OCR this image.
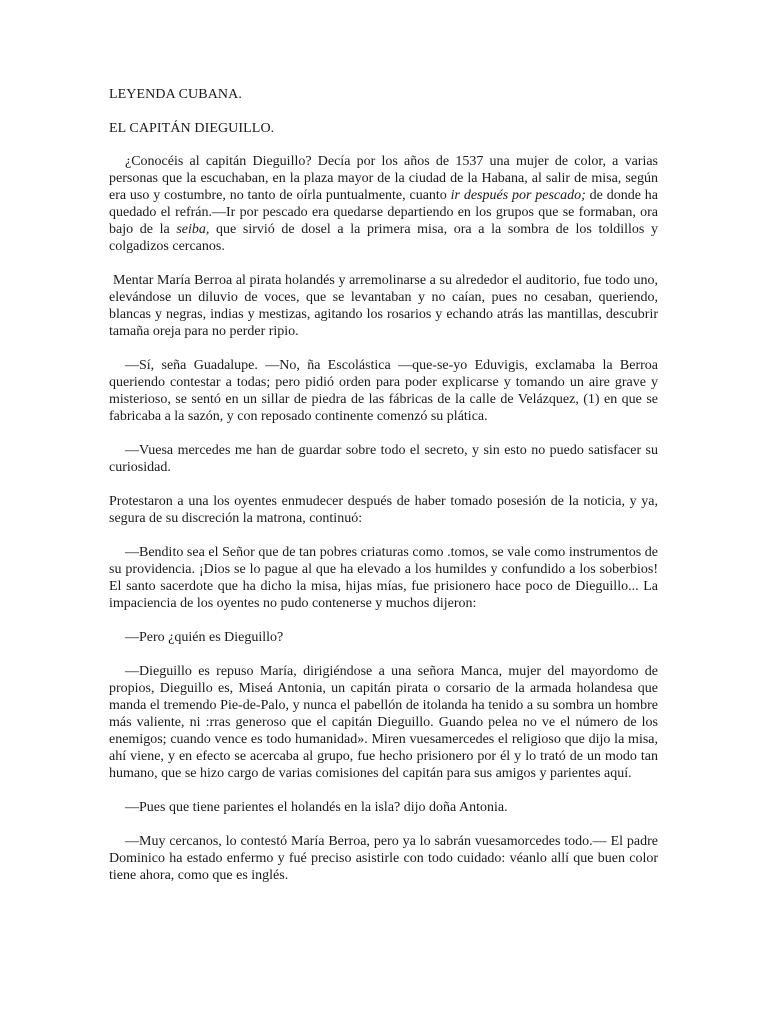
LEYENDA CUBANA.
EL CAPITÁN DIEGUILLO.

¿Conocéis al capitán Dieguillo? Decía por los años de 1537 una mujer de color, a varias personas que la escuchaban, en la plaza mayor de la ciudad de la Habana, al salir de misa, según era uso y costumbre, no tanto de oírla puntualmente, cuanto ir después por pescado; de donde ha quedado el refrán.—Ir por pescado era quedarse departiendo en los grupos que se formaban, ora bajo de la seiba, que sirvió de dosel a la primera misa, ora a la sombra de los toldillos y colgadizos cercanos.

Mentar María Berroa al pirata holandés y arremolinarse a su alrededor el auditorio, fue todo uno, elevándose un diluvio de voces, que se levantaban y no caían, pues no cesaban, queriendo, blancas y negras, indias y mestizas, agitando los rosarios y echando atrás las mantillas, descubrir tamaña oreja para no perder ripio.

—Sí, seña Guadalupe. —No, ña Escolástica —que-se-yo Eduvigis, exclamaba la Berroa queriendo contestar a todas; pero pidió orden para poder explicarse y tomando un aire grave y misterioso, se sentó en un sillar de piedra de las fábricas de la calle de Velázquez, (1) en que se fabricaba a la sazón, y con reposado continente comenzó su plática.

—Vuesa mercedes me han de guardar sobre todo el secreto, y sin esto no puedo satisfacer su curiosidad.

Protestaron a una los oyentes enmudecer después de haber tomado posesión de la noticia, y ya, segura de su discreción la matrona, continuó:

—Bendito sea el Señor que de tan pobres criaturas como .tomos, se vale como instrumentos de su providencia. ¡Dios se lo pague al que ha elevado a los humildes y confundido a los soberbios! El santo sacerdote que ha dicho la misa, hijas mías, fue prisionero hace poco de Dieguillo... La impaciencia de los oyentes no pudo contenerse y muchos dijeron:

—Pero ¿quién es Dieguillo?

—Dieguillo es repuso María, dirigiéndose a una señora Manca, mujer del mayordomo de propios, Dieguillo es, Miseá Antonia, un capitán pirata o corsario de la armada holandesa que manda el tremendo Pie-de-Palo, y nunca el pabellón de itolanda ha tenido a su sombra un hombre más valiente, ni :rras generoso que el capitán Dieguillo. Guando pelea no ve el número de los enemigos; cuando vence es todo humanidad». Miren vuesamercedes el religioso que dijo la misa, ahí viene, y en efecto se acercaba al grupo, fue hecho prisionero por él y lo trató de un modo tan humano, que se hizo cargo de varias comisiones del capitán para sus amigos y parientes aquí.

—Pues que tiene parientes el holandés en la isla? dijo doña Antonia.

—Muy cercanos, lo contestó María Berroa, pero ya lo sabrán vuesamorcedes todo.— El padre Dominico ha estado enfermo y fué preciso asistirle con todo cuidado: véanlo allí que buen color tiene ahora, como que es inglés.
